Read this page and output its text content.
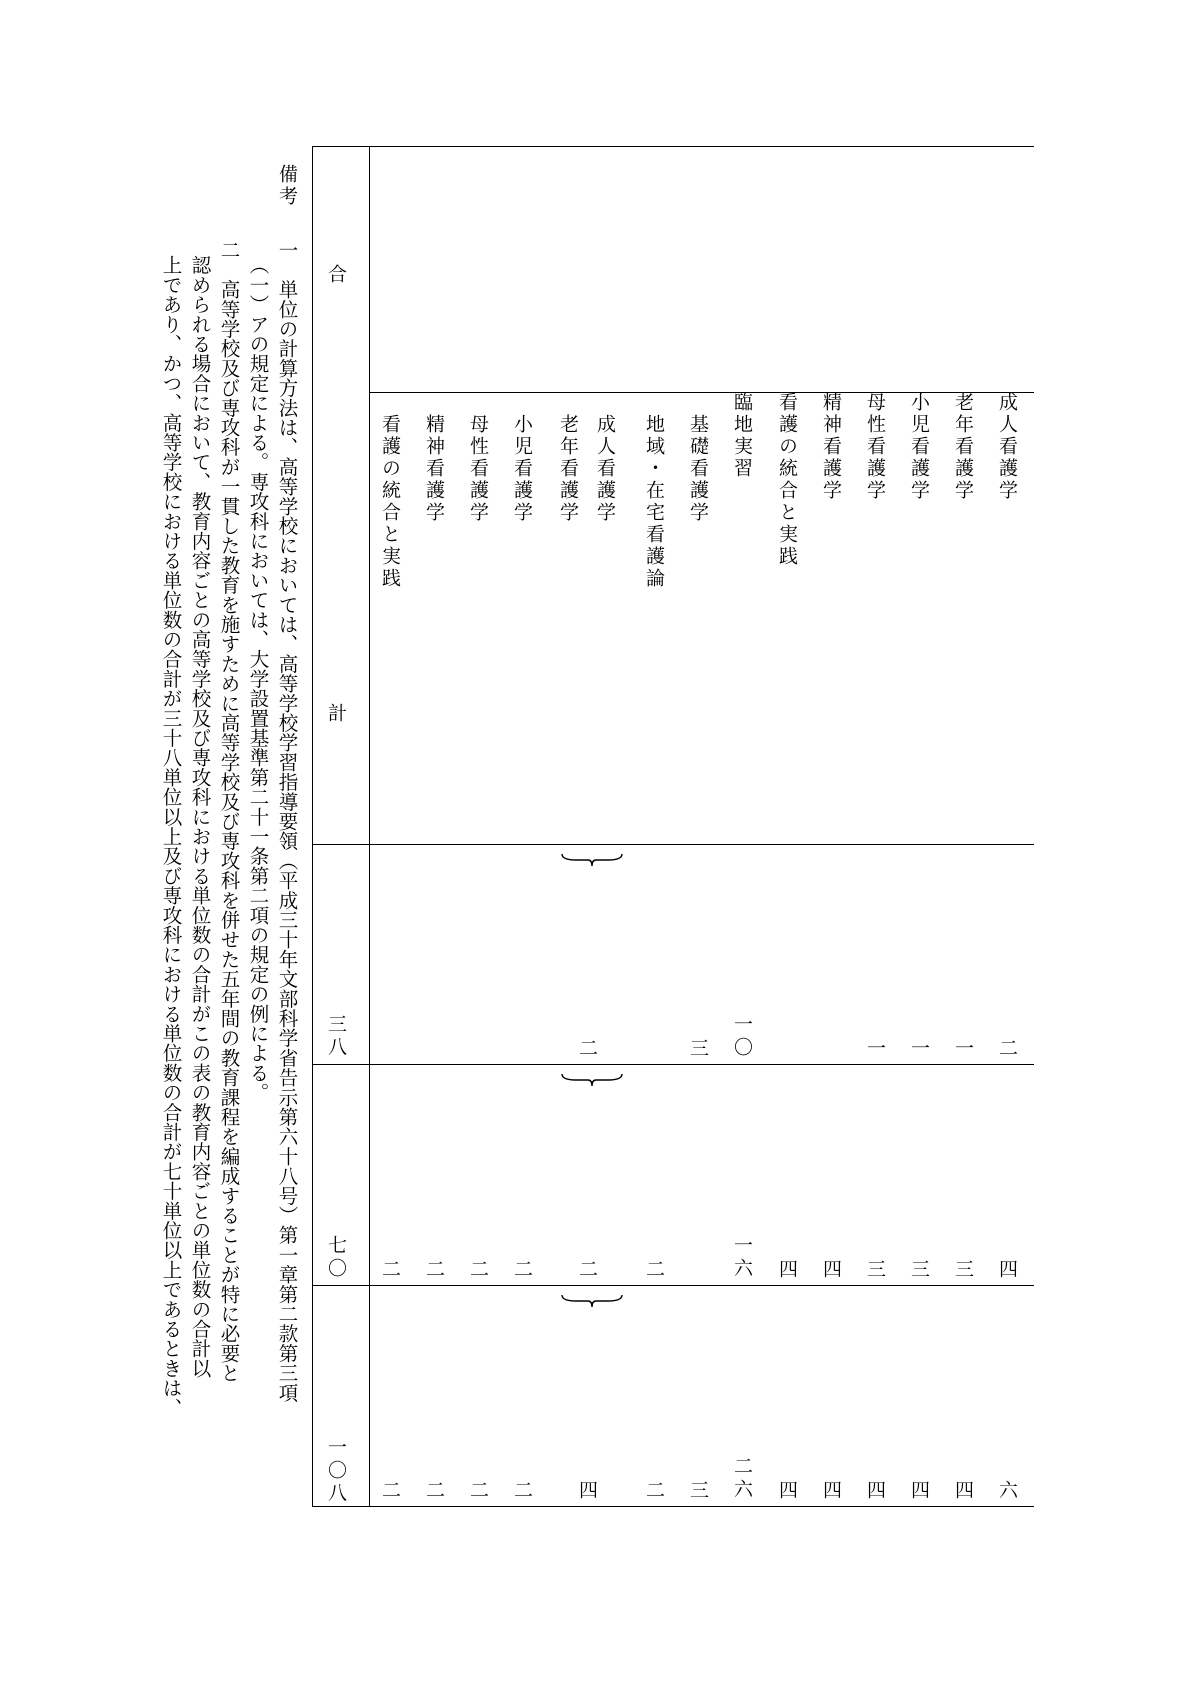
合
計
成人看護学
老年看護学
小児看護学
母性看護学
精神看護学
看護の統合と実践
臨地実習
基礎看護学
地域・在宅看護論
成人看護学
老年看護学
小児看護学
母性看護学
精神看護学
看護の統合と実践
二
一
一
一
一〇
三
二
三八
四
三
三
三
四
四
一六
二
二
二
二
二
二
七〇
六
四
四
四
四
四
二六
三
二
四
二
二
二
二
一〇八
備考
一　単位の計算方法は、高等学校においては、高等学校学習指導要領（平成三十年文部科学省告示第六十八号）第一章第二款第三項
（一）アの規定による。専攻科においては、大学設置基準第二十一条第二項の規定の例による。
二　高等学校及び専攻科が一貫した教育を施すために高等学校及び専攻科を併せた五年間の教育課程を編成することが特に必要と
認められる場合において、教育内容ごとの高等学校及び専攻科における単位数の合計がこの表の教育内容ごとの単位数の合計以
上であり、かつ、高等学校における単位数の合計が三十八単位以上及び専攻科における単位数の合計が七十単位以上であるときは、
